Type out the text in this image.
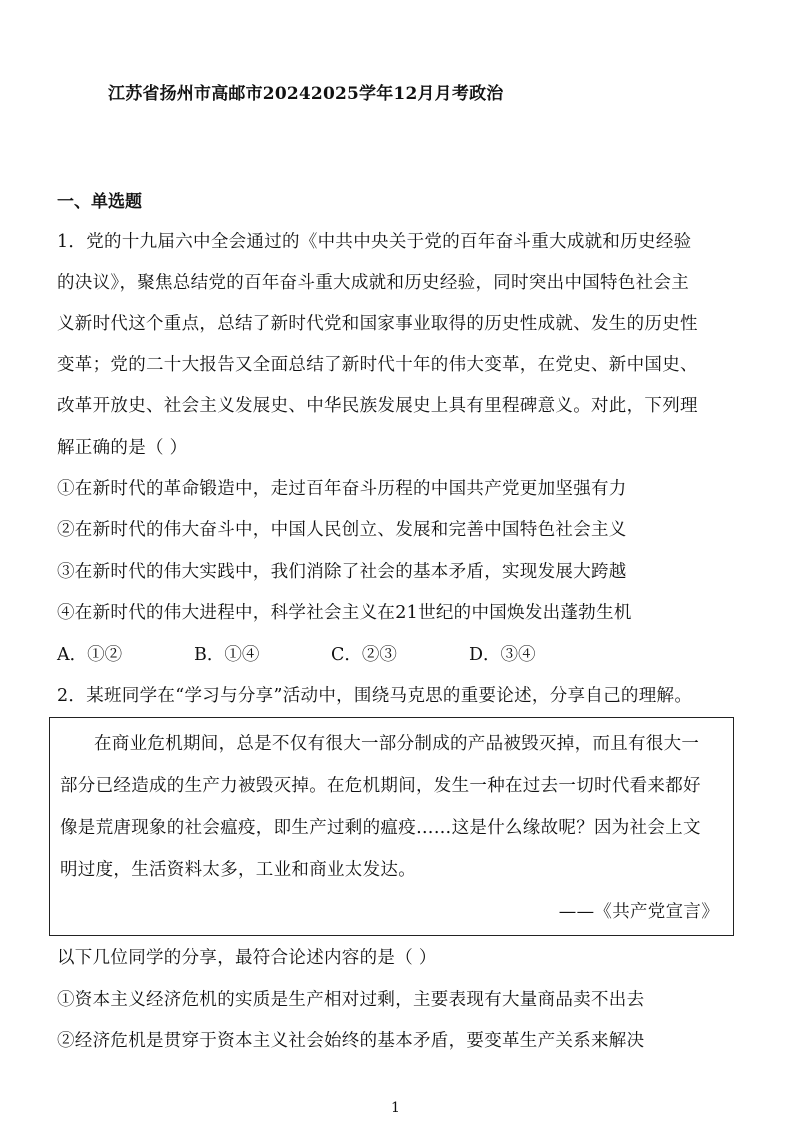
江苏省扬州市高邮市20242025学年12月月考政治
一、单选题
1．党的十九届六中全会通过的《中共中央关于党的百年奋斗重大成就和历史经验
的决议》，聚焦总结党的百年奋斗重大成就和历史经验，同时突出中国特色社会主
义新时代这个重点，总结了新时代党和国家事业取得的历史性成就、发生的历史性
变革；党的二十大报告又全面总结了新时代十年的伟大变革，在党史、新中国史、
改革开放史、社会主义发展史、中华民族发展史上具有里程碑意义。对此，下列理
解正确的是（ ）
①在新时代的革命锻造中，走过百年奋斗历程的中国共产党更加坚强有力
②在新时代的伟大奋斗中，中国人民创立、发展和完善中国特色社会主义
③在新时代的伟大实践中，我们消除了社会的基本矛盾，实现发展大跨越
④在新时代的伟大进程中，科学社会主义在21世纪的中国焕发出蓬勃生机
A．①②	B．①④	C．②③	D．③④
2．某班同学在“学习与分享”活动中，围绕马克思的重要论述，分享自己的理解。
在商业危机期间，总是不仅有很大一部分制成的产品被毁灭掉，而且有很大一
部分已经造成的生产力被毁灭掉。在危机期间，发生一种在过去一切时代看来都好
像是荒唐现象的社会瘟疫，即生产过剩的瘟疫……这是什么缘故呢？因为社会上文
明过度，生活资料太多，工业和商业太发达。
——《共产党宣言》
以下几位同学的分享，最符合论述内容的是（ ）
①资本主义经济危机的实质是生产相对过剩，主要表现有大量商品卖不出去
②经济危机是贯穿于资本主义社会始终的基本矛盾，要变革生产关系来解决
1
